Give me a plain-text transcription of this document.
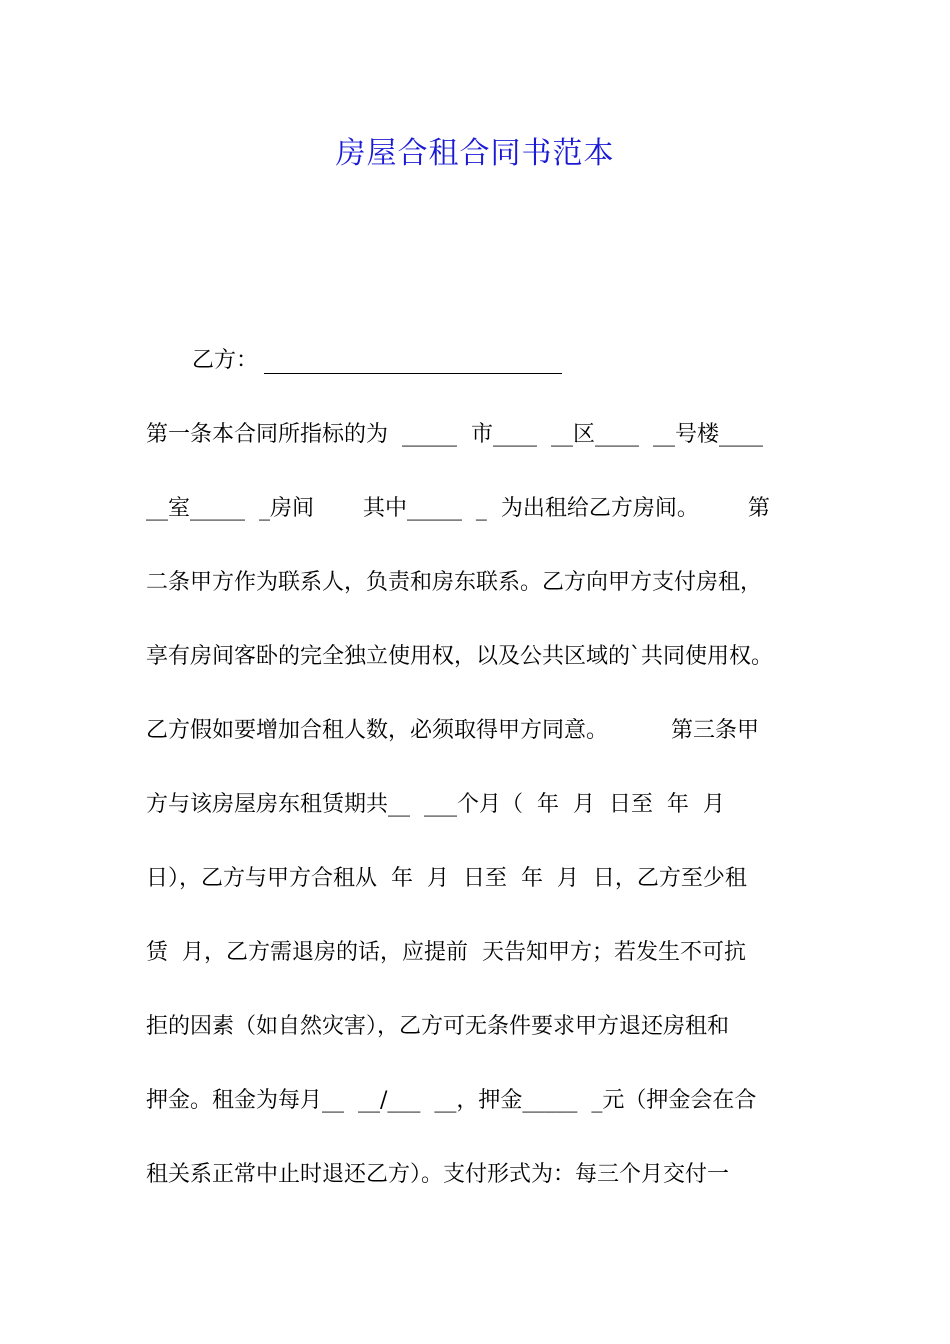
房屋合租合同书范本
乙方：
第一条本合同所指标的为  _____  市____  __区____  __号楼____
__室_____  _房间       其中_____  _  为出租给乙方房间。       第
二条甲方作为联系人，负责和房东联系。乙方向甲方支付房租，
享有房间客卧的完全独立使用权，以及公共区域的`共同使用权。
乙方假如要增加合租人数，必须取得甲方同意。         第三条甲
方与该房屋房东租赁期共__  ___个月（  年  月  日至  年  月
日），乙方与甲方合租从  年  月  日至  年  月  日，乙方至少租
赁  月，乙方需退房的话，应提前  天告知甲方；若发生不可抗
拒的因素（如自然灾害），乙方可无条件要求甲方退还房租和
押金。租金为每月__  __/___  __，押金_____  _元（押金会在合
租关系正常中止时退还乙方）。支付形式为：每三个月交付一
